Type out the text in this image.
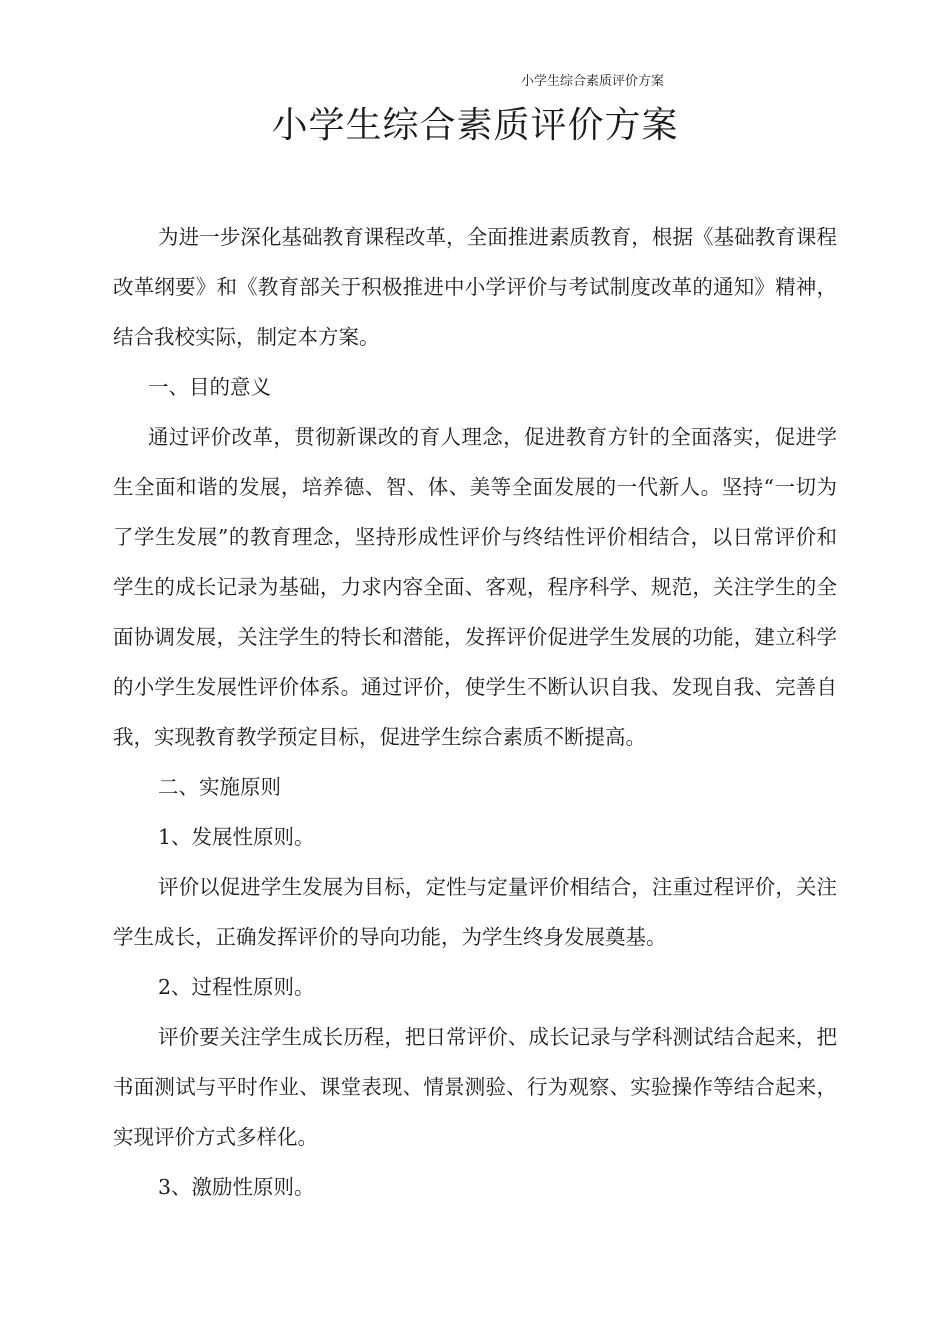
小学生综合素质评价方案
小学生综合素质评价方案

为进一步深化基础教育课程改革，全面推进素质教育，根据《基础教育课程改革纲要》和《教育部关于积极推进中小学评价与考试制度改革的通知》精神，结合我校实际，制定本方案。

一、目的意义

通过评价改革，贯彻新课改的育人理念，促进教育方针的全面落实，促进学生全面和谐的发展，培养德、智、体、美等全面发展的一代新人。坚持“一切为了学生发展”的教育理念，坚持形成性评价与终结性评价相结合，以日常评价和学生的成长记录为基础，力求内容全面、客观，程序科学、规范，关注学生的全面协调发展，关注学生的特长和潜能，发挥评价促进学生发展的功能，建立科学的小学生发展性评价体系。通过评价，使学生不断认识自我、发现自我、完善自我，实现教育教学预定目标，促进学生综合素质不断提高。

二、实施原则

1、发展性原则。

评价以促进学生发展为目标，定性与定量评价相结合，注重过程评价，关注学生成长，正确发挥评价的导向功能，为学生终身发展奠基。

2、过程性原则。

评价要关注学生成长历程，把日常评价、成长记录与学科测试结合起来，把书面测试与平时作业、课堂表现、情景测验、行为观察、实验操作等结合起来，实现评价方式多样化。

3、激励性原则。
